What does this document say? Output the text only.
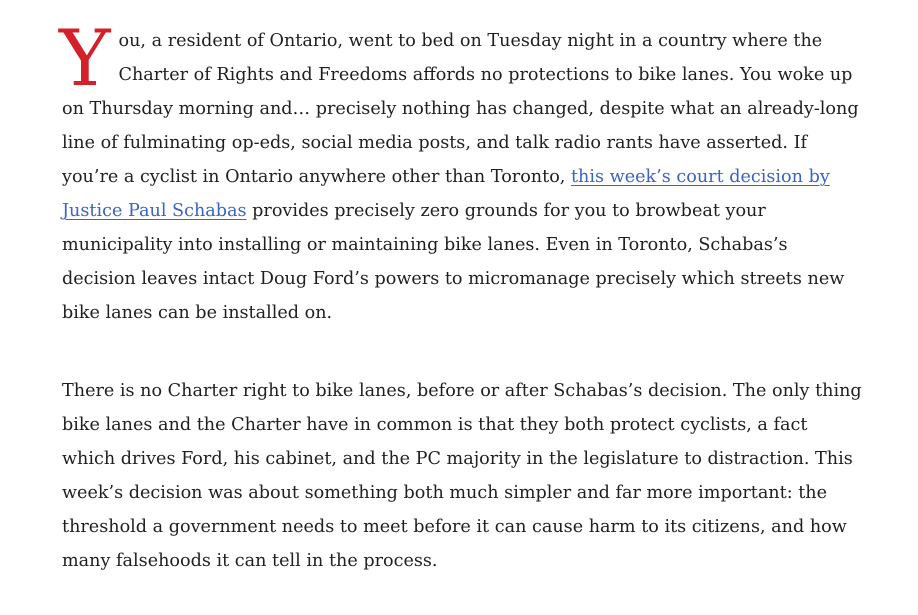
You, a resident of Ontario, went to bed on Tuesday night in a country where the Charter of Rights and Freedoms affords no protections to bike lanes. You woke up on Thursday morning and… precisely nothing has changed, despite what an already-long line of fulminating op-eds, social media posts, and talk radio rants have asserted. If you’re a cyclist in Ontario anywhere other than Toronto, this week’s court decision by Justice Paul Schabas provides precisely zero grounds for you to browbeat your municipality into installing or maintaining bike lanes. Even in Toronto, Schabas’s decision leaves intact Doug Ford’s powers to micromanage precisely which streets new bike lanes can be installed on.

There is no Charter right to bike lanes, before or after Schabas’s decision. The only thing bike lanes and the Charter have in common is that they both protect cyclists, a fact which drives Ford, his cabinet, and the PC majority in the legislature to distraction. This week’s decision was about something both much simpler and far more important: the threshold a government needs to meet before it can cause harm to its citizens, and how many falsehoods it can tell in the process.
